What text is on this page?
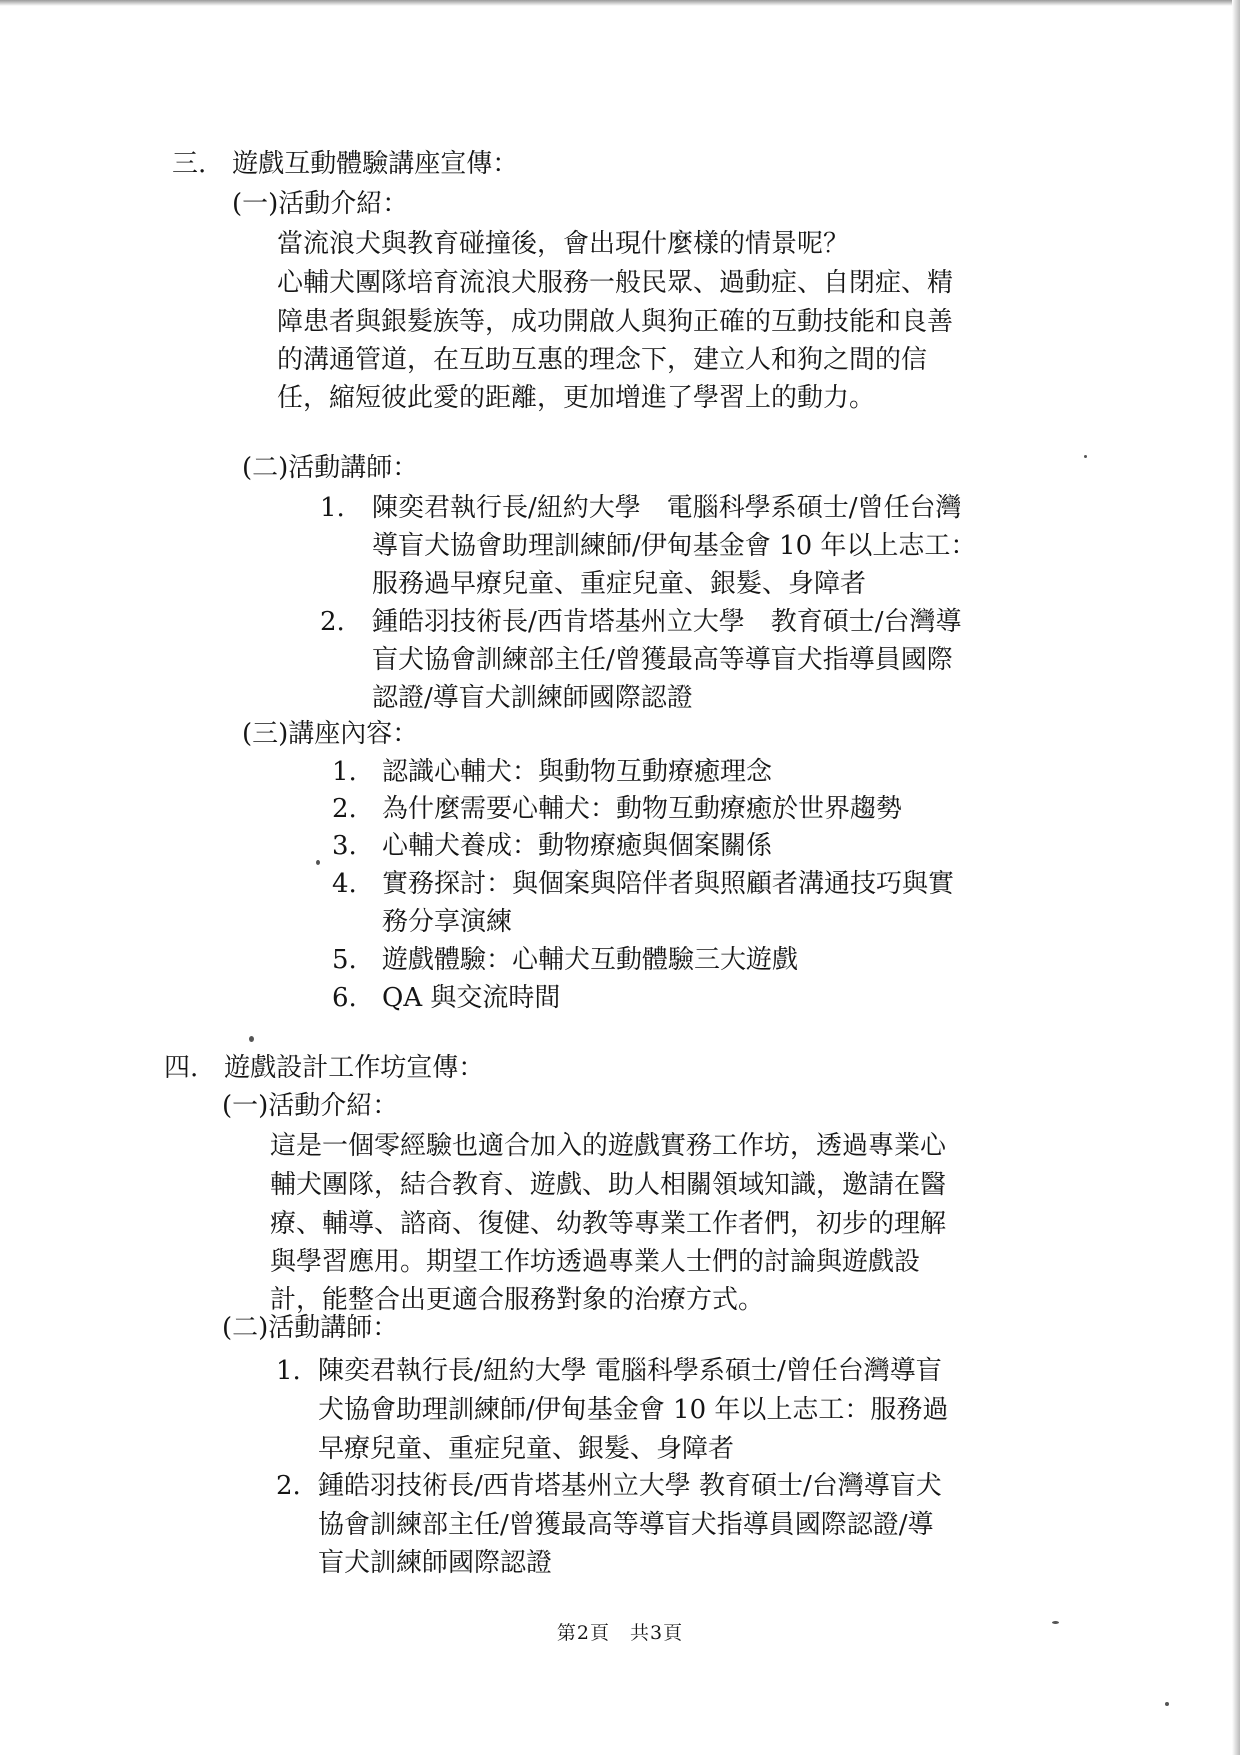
三.　遊戲互動體驗講座宣傳：
(一)活動介紹：
當流浪犬與教育碰撞後，會出現什麼樣的情景呢？
心輔犬團隊培育流浪犬服務一般民眾、過動症、自閉症、精
障患者與銀髮族等，成功開啟人與狗正確的互動技能和良善
的溝通管道，在互助互惠的理念下，建立人和狗之間的信
任，縮短彼此愛的距離，更加增進了學習上的動力。
(二)活動講師：
1. 陳奕君執行長/紐約大學　電腦科學系碩士/曾任台灣
導盲犬協會助理訓練師/伊甸基金會 10 年以上志工：
服務過早療兒童、重症兒童、銀髮、身障者
2. 鍾皓羽技術長/西肯塔基州立大學　教育碩士/台灣導
盲犬協會訓練部主任/曾獲最高等導盲犬指導員國際
認證/導盲犬訓練師國際認證
(三)講座內容：
1. 認識心輔犬：與動物互動療癒理念
2. 為什麼需要心輔犬：動物互動療癒於世界趨勢
3. 心輔犬養成：動物療癒與個案關係
4. 實務探討：與個案與陪伴者與照顧者溝通技巧與實
務分享演練
5. 遊戲體驗：心輔犬互動體驗三大遊戲
6. QA 與交流時間
四.　遊戲設計工作坊宣傳：
(一)活動介紹：
這是一個零經驗也適合加入的遊戲實務工作坊，透過專業心
輔犬團隊，結合教育、遊戲、助人相關領域知識，邀請在醫
療、輔導、諮商、復健、幼教等專業工作者們，初步的理解
與學習應用。期望工作坊透過專業人士們的討論與遊戲設
計，能整合出更適合服務對象的治療方式。
(二)活動講師：
1. 陳奕君執行長/紐約大學 電腦科學系碩士/曾任台灣導盲
犬協會助理訓練師/伊甸基金會 10 年以上志工：服務過
早療兒童、重症兒童、銀髮、身障者
2. 鍾皓羽技術長/西肯塔基州立大學 教育碩士/台灣導盲犬
協會訓練部主任/曾獲最高等導盲犬指導員國際認證/導
盲犬訓練師國際認證
第2頁　共3頁
